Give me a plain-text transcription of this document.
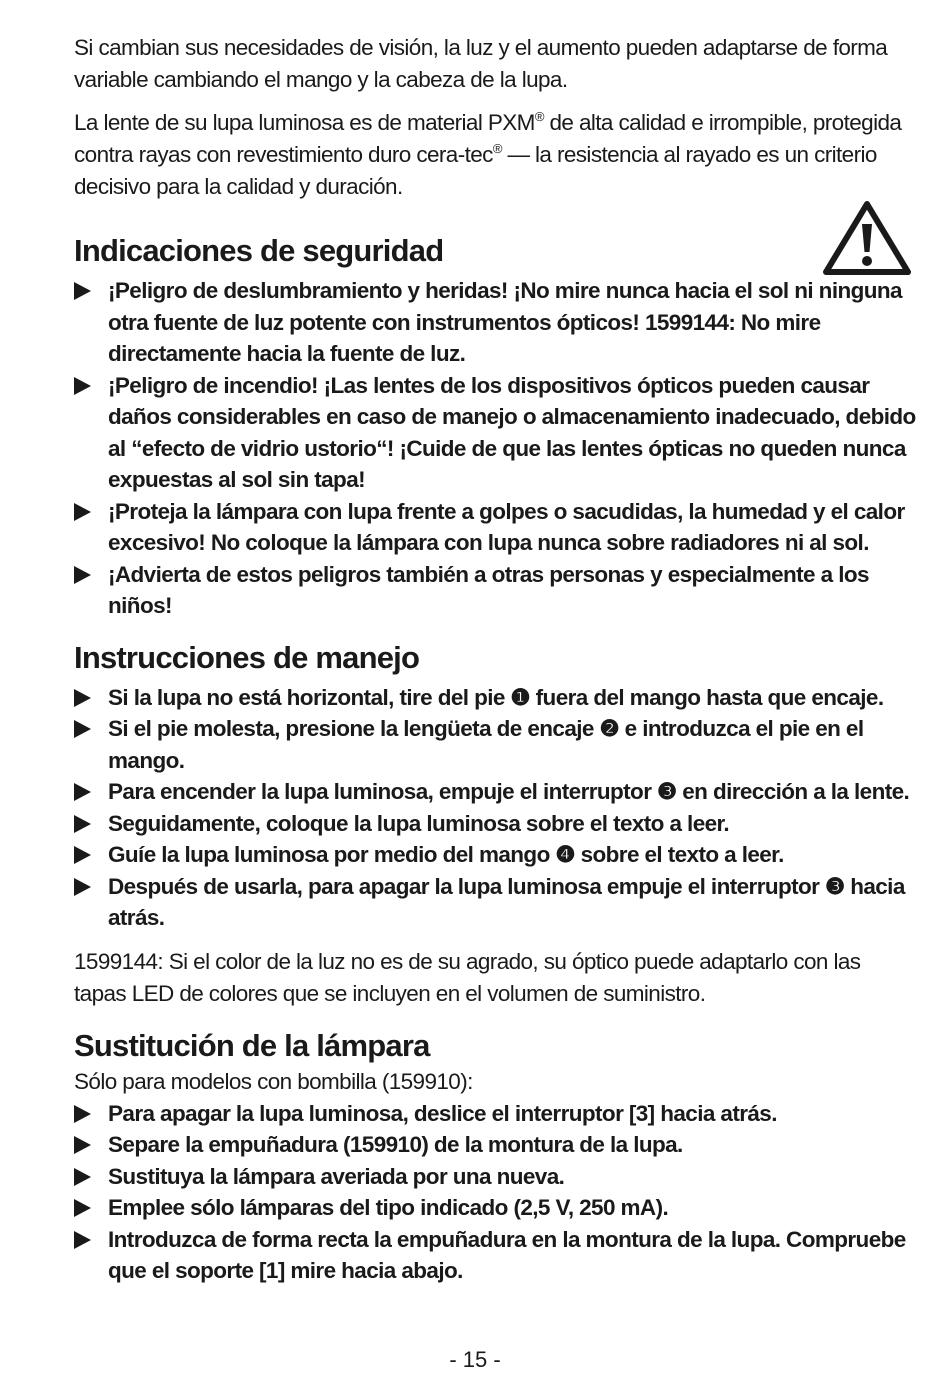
Si cambian sus necesidades de visión, la luz y el aumento pueden adaptarse de forma variable cambiando el mango y la cabeza de la lupa.

La lente de su lupa luminosa es de material PXM® de alta calidad e irrompible, protegida contra rayas con revestimiento duro cera-tec® — la resistencia al rayado es un criterio decisivo para la calidad y duración.

Indicaciones de seguridad
¡Peligro de deslumbramiento y heridas! ¡No mire nunca hacia el sol ni ninguna otra fuente de luz potente con instrumentos ópticos! 1599144: No mire directamente hacia la fuente de luz.
¡Peligro de incendio! ¡Las lentes de los dispositivos ópticos pueden causar daños considerables en caso de manejo o almacenamiento inadecuado, debido al “efecto de vidrio ustorio“! ¡Cuide de que las lentes ópticas no queden nunca expuestas al sol sin tapa!
¡Proteja la lámpara con lupa frente a golpes o sacudidas, la humedad y el calor excesivo! No coloque la lámpara con lupa nunca sobre radiadores ni al sol.
¡Advierta de estos peligros también a otras personas y especialmente a los niños!
Instrucciones de manejo
Si la lupa no está horizontal, tire del pie ❶ fuera del mango hasta que encaje.
Si el pie molesta, presione la lengüeta de encaje ❷ e introduzca el pie en el mango.
Para encender la lupa luminosa, empuje el interruptor ❸ en dirección a la lente.
Seguidamente, coloque la lupa luminosa sobre el texto a leer.
Guíe la lupa luminosa por medio del mango ❹ sobre el texto a leer.
Después de usarla, para apagar la lupa luminosa empuje el interruptor ❸ hacia atrás.

1599144: Si el color de la luz no es de su agrado, su óptico puede adaptarlo con las tapas LED de colores que se incluyen en el volumen de suministro.

Sustitución de la lámpara

Sólo para modelos con bombilla (159910):

Para apagar la lupa luminosa, deslice el interruptor [3] hacia atrás.
Separe la empuñadura (159910) de la montura de la lupa.
Sustituya la lámpara averiada por una nueva.
Emplee sólo lámparas del tipo indicado (2,5 V, 250 mA).
Introduzca de forma recta la empuñadura en la montura de la lupa. Compruebe que el soporte [1] mire hacia abajo.
- 15 -
